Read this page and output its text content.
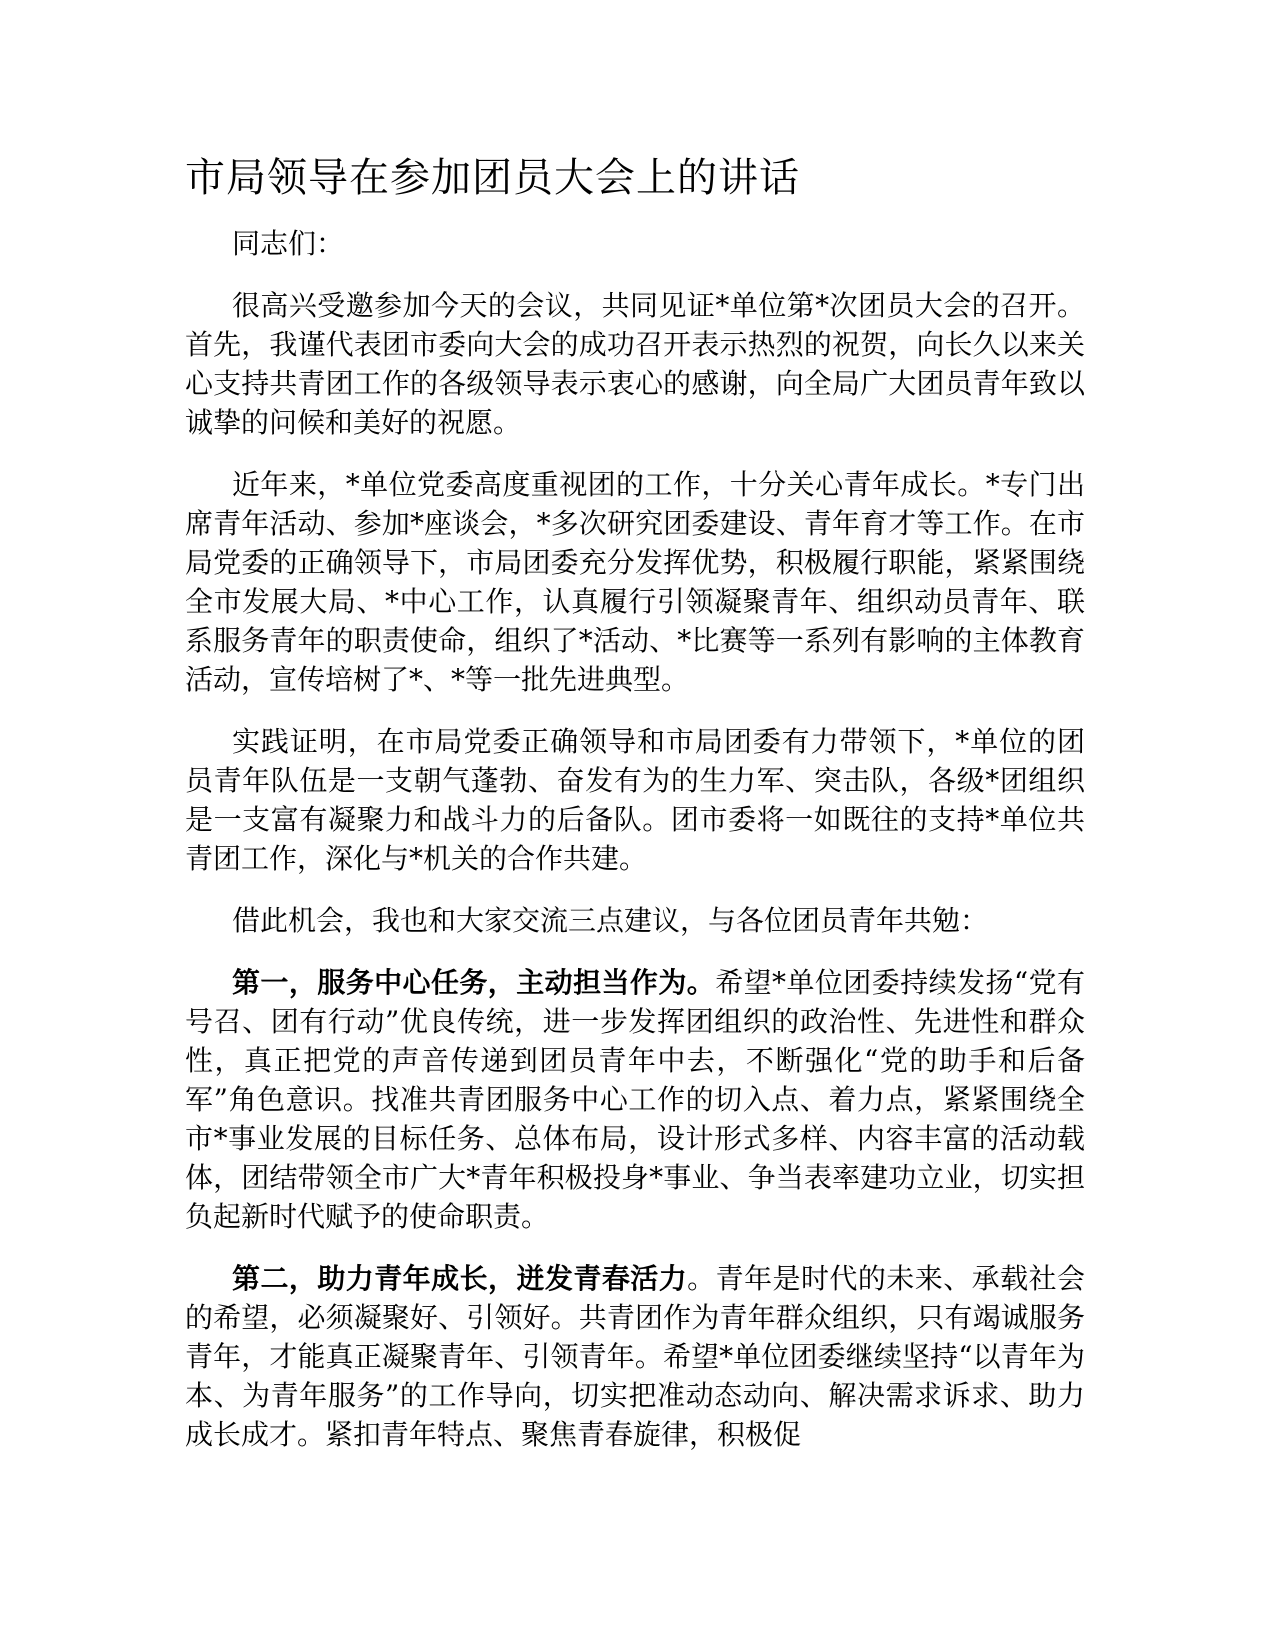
市局领导在参加团员大会上的讲话

同志们：

很高兴受邀参加今天的会议，共同见证*单位第*次团员大会的召开。首先，我谨代表团市委向大会的成功召开表示热烈的祝贺，向长久以来关心支持共青团工作的各级领导表示衷心的感谢，向全局广大团员青年致以诚挚的问候和美好的祝愿。

近年来，*单位党委高度重视团的工作，十分关心青年成长。*专门出席青年活动、参加*座谈会，*多次研究团委建设、青年育才等工作。在市局党委的正确领导下，市局团委充分发挥优势，积极履行职能，紧紧围绕全市发展大局、*中心工作，认真履行引领凝聚青年、组织动员青年、联系服务青年的职责使命，组织了*活动、*比赛等一系列有影响的主体教育活动，宣传培树了*、*等一批先进典型。

实践证明，在市局党委正确领导和市局团委有力带领下，*单位的团员青年队伍是一支朝气蓬勃、奋发有为的生力军、突击队，各级*团组织是一支富有凝聚力和战斗力的后备队。团市委将一如既往的支持*单位共青团工作，深化与*机关的合作共建。

借此机会，我也和大家交流三点建议，与各位团员青年共勉：

第一，服务中心任务，主动担当作为。希望*单位团委持续发扬“党有号召、团有行动”优良传统，进一步发挥团组织的政治性、先进性和群众性，真正把党的声音传递到团员青年中去，不断强化“党的助手和后备军”角色意识。找准共青团服务中心工作的切入点、着力点，紧紧围绕全市*事业发展的目标任务、总体布局，设计形式多样、内容丰富的活动载体，团结带领全市广大*青年积极投身*事业、争当表率建功立业，切实担负起新时代赋予的使命职责。

第二，助力青年成长，迸发青春活力。青年是时代的未来、承载社会的希望，必须凝聚好、引领好。共青团作为青年群众组织，只有竭诚服务青年，才能真正凝聚青年、引领青年。希望*单位团委继续坚持“以青年为本、为青年服务”的工作导向，切实把准动态动向、解决需求诉求、助力成长成才。紧扣青年特点、聚焦青春旋律，积极促
